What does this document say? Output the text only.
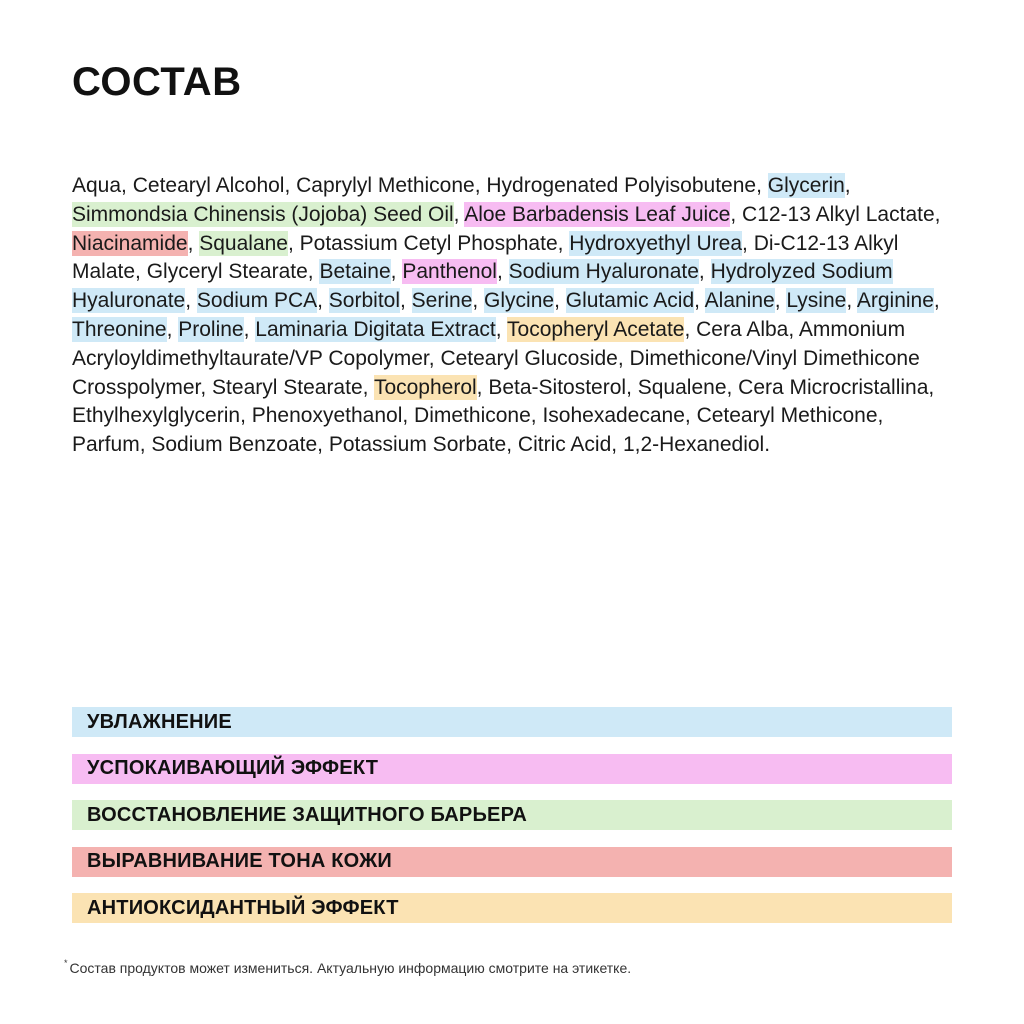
СОСТАВ

Aqua, Cetearyl Alcohol, Caprylyl Methicone, Hydrogenated Polyisobutene, Glycerin, Simmondsia Chinensis (Jojoba) Seed Oil, Aloe Barbadensis Leaf Juice, C12-13 Alkyl Lactate, Niacinamide, Squalane, Potassium Cetyl Phosphate, Hydroxyethyl Urea, Di-C12-13 Alkyl Malate, Glyceryl Stearate, Betaine, Panthenol, Sodium Hyaluronate, Hydrolyzed Sodium Hyaluronate, Sodium PCA, Sorbitol, Serine, Glycine, Glutamic Acid, Alanine, Lysine, Arginine, Threonine, Proline, Laminaria Digitata Extract, Tocopheryl Acetate, Cera Alba, Ammonium Acryloyldimethyltaurate/VP Copolymer, Cetearyl Glucoside, Dimethicone/Vinyl Dimethicone Crosspolymer, Stearyl Stearate, Tocopherol, Beta-Sitosterol, Squalene, Cera Microcristallina, Ethylhexylglycerin, Phenoxyethanol, Dimethicone, Isohexadecane, Cetearyl Methicone, Parfum, Sodium Benzoate, Potassium Sorbate, Citric Acid, 1,2-Hexanediol.

УВЛАЖНЕНИЕ
УСПОКАИВАЮЩИЙ ЭФФЕКТ
ВОССТАНОВЛЕНИЕ ЗАЩИТНОГО БАРЬЕРА
ВЫРАВНИВАНИЕ ТОНА КОЖИ
АНТИОКСИДАНТНЫЙ ЭФФЕКТ

* Состав продуктов может измениться. Актуальную информацию смотрите на этикетке.
